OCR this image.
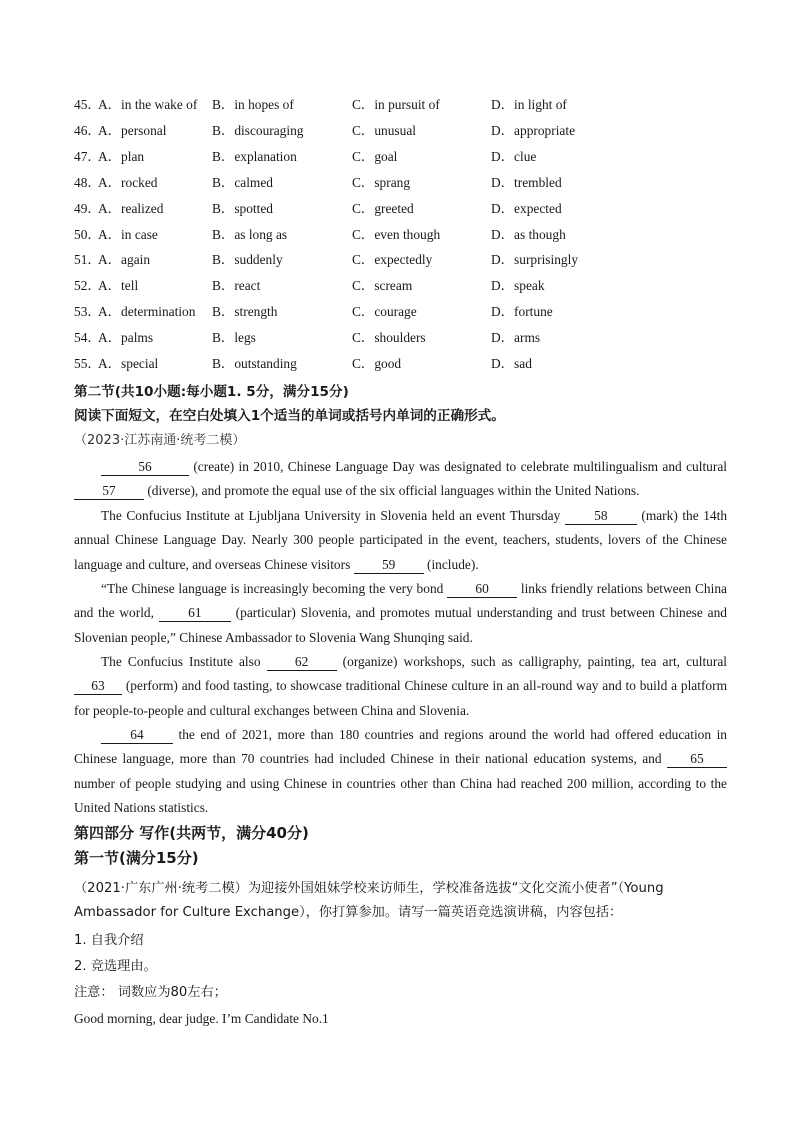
45．
A．in the wake of B．in hopes of	C．in pursuit of	D．in light of
46．
A．personal	B．discouraging	C．unusual	D．appropriate
47．
A．plan	B．explanation	C．goal	D．clue
48．
A．rocked	B．calmed	C．sprang	D．trembled
49．
A．realized	B．spotted	C．greeted	D．expected
50．
A．in case	B．as long as	C．even though	D．as though
51．
A．again	B．suddenly	C．expectedly	D．surprisingly
52．
A．tell	B．react	C．scream	D．speak
53．
A．determination B．strength	C．courage	D．fortune
54．
A．palms	B．legs	C．shoulders	D．arms
55．
A．special	B．outstanding	C．good	D．sad
第二节(共10小题:每小题1. 5分，满分15分)
阅读下面短文，在空白处填入1个适当的单词或括号内单词的正确形式。
（2023·江苏南通·统考二模）
56	(create) in 2010, Chinese Language Day was designated to celebrate multilingualism and cultural57 (diverse), and promote the equal use of the six official languages within the United Nations.
The Confucius Institute at Ljubljana University in Slovenia held an event Thursday 58 (mark) the 14th annual Chinese Language Day. Nearly 300 people participated in the event, teachers, students, lovers of the Chinese language and culture, and overseas Chinese visitors 59 (include).
“The Chinese language is increasingly becoming the very bond 60 links friendly relations between China and the world, 61 (particular) Slovenia, and promotes mutual understanding and trust between Chinese and Slovenian people,” Chinese Ambassador to Slovenia Wang Shunqing said.
The Confucius Institute also 62 (organize) workshops, such as calligraphy, painting, tea art, cultural 63 (perform) and food tasting, to showcase traditional Chinese culture in an all-round way and to build a platform for people-to-people and cultural exchanges between China and Slovenia.
64 the end of 2021, more than 180 countries and regions around the world had offered education in Chinese language, more than 70 countries had included Chinese in their national education systems, and 65 number of people studying and using Chinese in countries other than China had reached 200 million, according to the United Nations statistics.
第四部分 写作(共两节，满分40分)
第一节(满分15分)
（2021·广东广州·统考二模）为迎接外国姐妹学校来访师生，学校准备选拔“文化交流小使者”（Young Ambassador for Culture Exchange），你打算参加。请写一篇英语竞选演讲稿，内容包括：
1. 自我介绍
2. 竞选理由。
注意： 词数应为80左右；
Good morning, dear judge. I’m Candidate No.1
